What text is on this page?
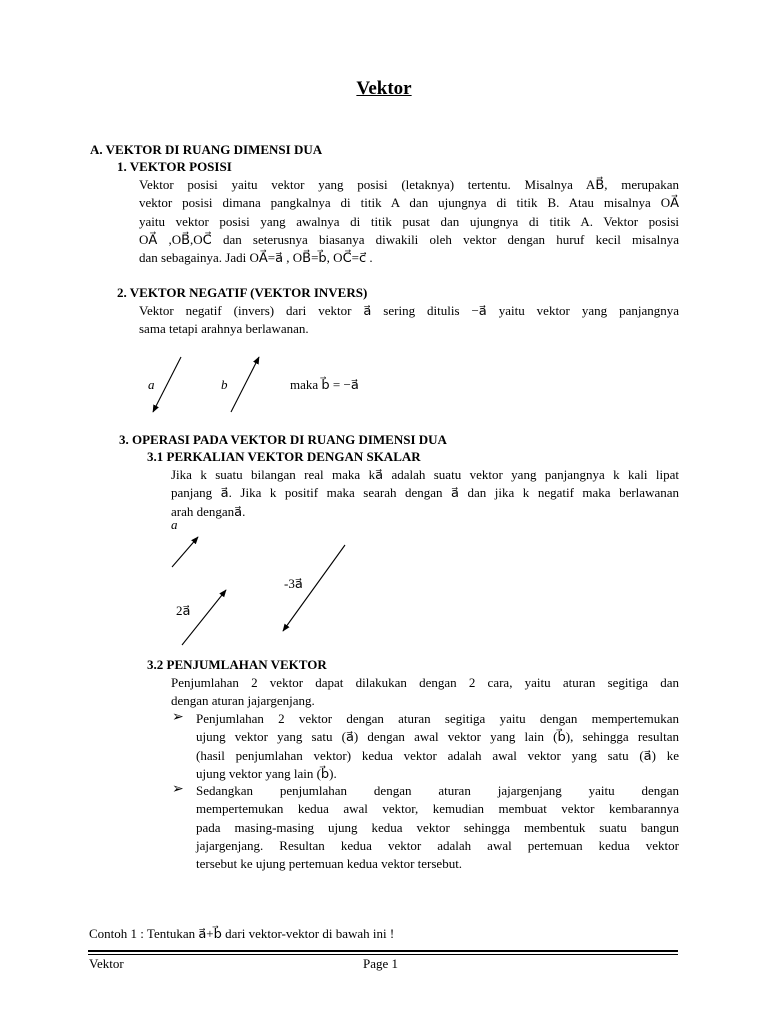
Vektor
A. VEKTOR DI RUANG DIMENSI DUA
1. VEKTOR POSISI
Vektor posisi yaitu vektor yang posisi (letaknya) tertentu. Misalnya AB⃗, merupakan
vektor posisi dimana pangkalnya di titik A dan ujungnya di titik B. Atau misalnya OA⃗
yaitu vektor posisi yang awalnya di titik pusat dan ujungnya di titik A. Vektor posisi
OA⃗ ,OB⃗,OC⃗ dan seterusnya biasanya diwakili oleh vektor dengan huruf kecil misalnya
dan sebagainya. Jadi OA⃗=a⃗ , OB⃗=b⃗, OC⃗=c⃗ .
2. VEKTOR NEGATIF (VEKTOR INVERS)
Vektor negatif (invers) dari vektor a⃗ sering ditulis −a⃗ yaitu vektor yang panjangnya
sama tetapi arahnya berlawanan.
a⃗	b⃗	maka b⃗ = −a⃗
3. OPERASI PADA VEKTOR DI RUANG DIMENSI DUA
3.1 PERKALIAN VEKTOR DENGAN SKALAR
Jika k suatu bilangan real maka ka⃗ adalah suatu vektor yang panjangnya k kali lipat
panjang a⃗. Jika k positif maka searah dengan a⃗ dan jika k negatif maka berlawanan
arah dengana⃗.
a⃗
-3a⃗
2a⃗
3.2 PENJUMLAHAN VEKTOR
Penjumlahan 2 vektor dapat dilakukan dengan 2 cara, yaitu aturan segitiga dan
dengan aturan jajargenjang.
➢ Penjumlahan 2 vektor dengan aturan segitiga yaitu dengan mempertemukan
ujung vektor yang satu (a⃗) dengan awal vektor yang lain (b⃗), sehingga resultan
(hasil penjumlahan vektor) kedua vektor adalah awal vektor yang satu (a⃗) ke
ujung vektor yang lain (b⃗).
➢ Sedangkan penjumlahan dengan aturan jajargenjang yaitu dengan
mempertemukan kedua awal vektor, kemudian membuat vektor kembarannya
pada masing-masing ujung kedua vektor sehingga membentuk suatu bangun
jajargenjang. Resultan kedua vektor adalah awal pertemuan kedua vektor
tersebut ke ujung pertemuan kedua vektor tersebut.
Contoh 1 : Tentukan a⃗+b⃗ dari vektor-vektor di bawah ini !
Vektor	Page 1
